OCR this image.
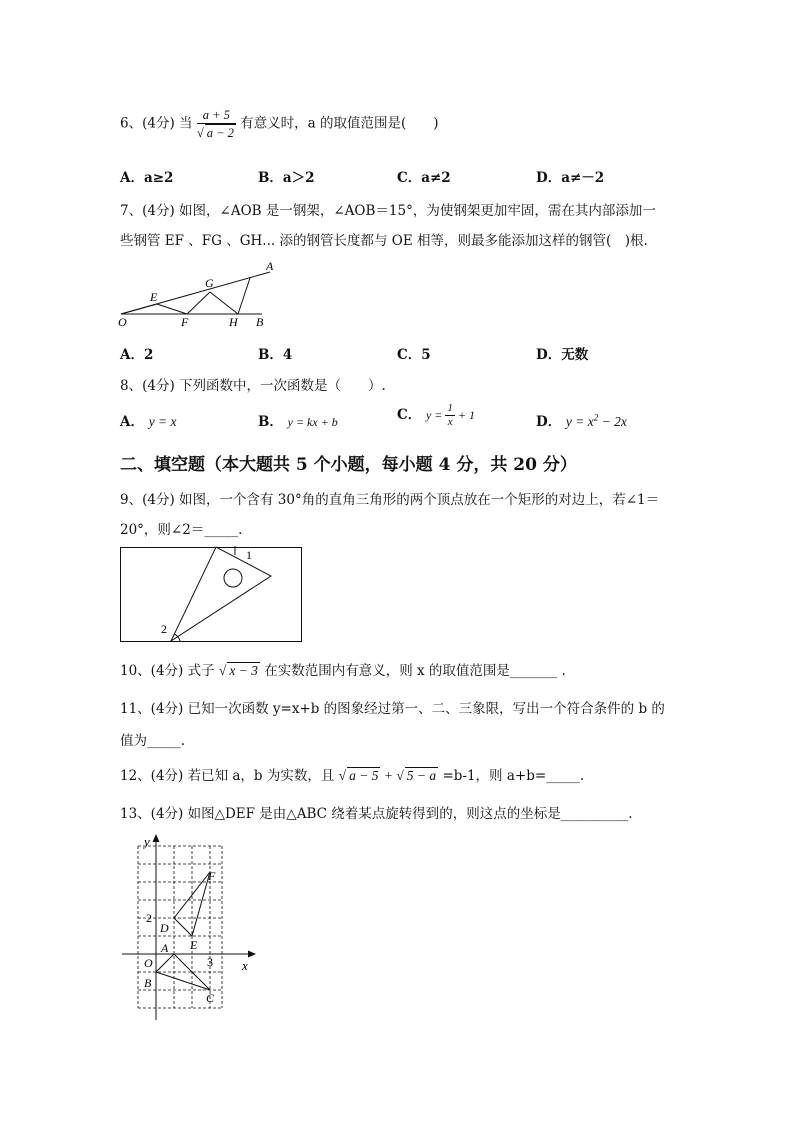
6、(4分) 当 $\frac{a + 5}{√ a - 2}$ 有意义时，a 的取值范围是(　　)
A．a≥2	B．a＞2	C．a≠2	D．a≠－2
7、(4分) 如图，∠AOB 是一钢架，∠AOB＝15°，为使钢架更加牢固，需在其内部添加一
些钢管 EF 、FG 、GH... 添的钢管长度都与 OE 相等，则最多能添加这样的钢管(　)根.
O
E
F
G
H B
A
A．2	B．4	C．5	D．无数
8、(4分) 下列函数中，一次函数是（　　）.
A． y = x	B． y = kx + b	C． $y = \frac{1}{x} + 1$	D． $y = x^2 - 2x$
二、填空题（本大题共 5 个小题，每小题 4 分，共 20 分）
9、(4分) 如图，一个含有 30°角的直角三角形的两个顶点放在一个矩形的对边上，若∠1＝
20°，则∠2＝_____.
1
2
10、(4分) 式子 √ x − 3 在实数范围内有意义，则 x 的取值范围是_______ .
11、(4分) 已知一次函数 y=x+b 的图象经过第一、二、三象限，写出一个符合条件的 b 的
值为_____.
12、(4分) 若已知 a，b 为实数，且 √ a − 5 + √ 5 − a =b-1，则 a+b=_____.
13、(4分) 如图△DEF 是由△ABC 绕着某点旋转得到的，则这点的坐标是__________.
y
x
O
2
3
A
B
C
D
E
F
